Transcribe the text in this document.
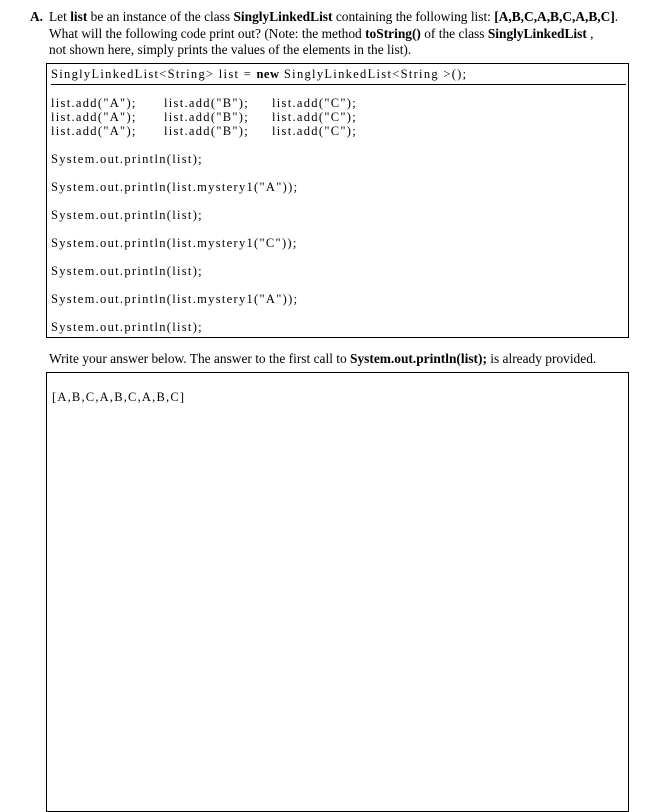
A. Let list be an instance of the class SinglyLinkedList containing the following list: [A,B,C,A,B,C,A,B,C].
What will the following code print out? (Note: the method toString() of the class SinglyLinkedList ,
not shown here, simply prints the values of the elements in the list).
SinglyLinkedList<String> list = new SinglyLinkedList<String >();
list.add("A"); list.add("B"); list.add("C");
list.add("A"); list.add("B"); list.add("C");
list.add("A"); list.add("B"); list.add("C");
System.out.println(list);
System.out.println(list.mystery1("A"));
System.out.println(list);
System.out.println(list.mystery1("C"));
System.out.println(list);
System.out.println(list.mystery1("A"));
System.out.println(list);
Write your answer below. The answer to the first call to System.out.println(list); is already provided.
[A,B,C,A,B,C,A,B,C]
